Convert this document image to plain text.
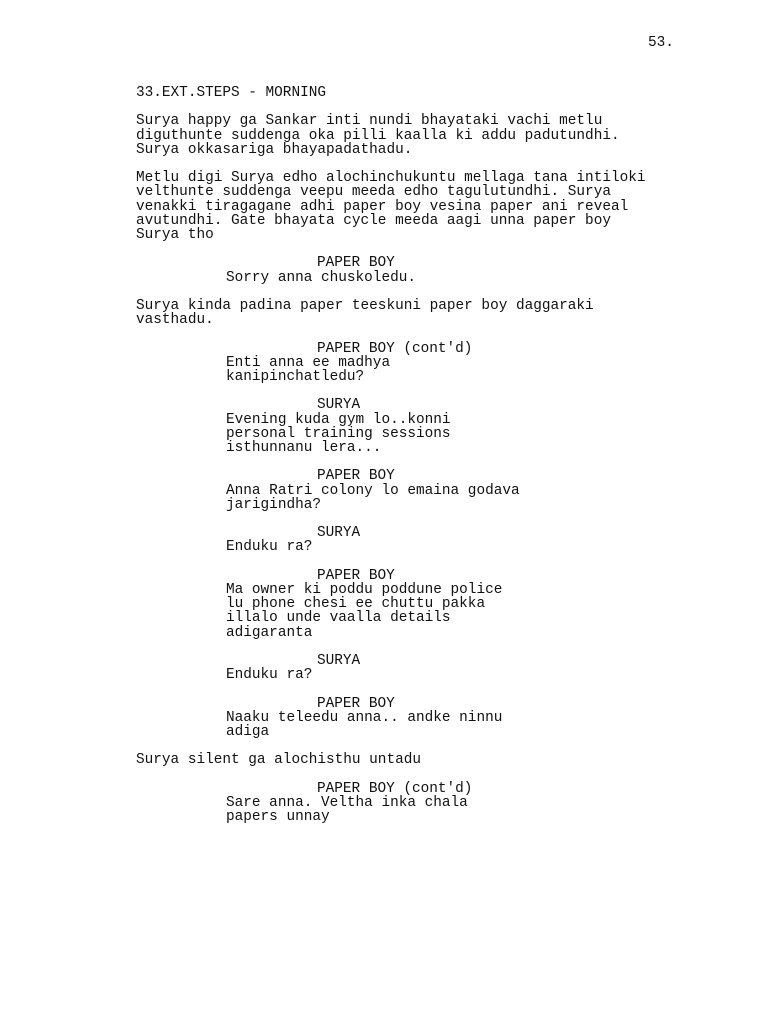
53.
33.EXT.STEPS - MORNING
Surya happy ga Sankar inti nundi bhayataki vachi metlu
diguthunte suddenga oka pilli kaalla ki addu padutundhi.
Surya okkasariga bhayapadathadu.
Metlu digi Surya edho alochinchukuntu mellaga tana intiloki
velthunte suddenga veepu meeda edho tagulutundhi. Surya
venakki tiragagane adhi paper boy vesina paper ani reveal
avutundhi. Gate bhayata cycle meeda aagi unna paper boy
Surya tho
PAPER BOY
Sorry anna chuskoledu.
Surya kinda padina paper teeskuni paper boy daggaraki
vasthadu.
PAPER BOY (cont'd)
Enti anna ee madhya
kanipinchatledu?
SURYA
Evening kuda gym lo..konni
personal training sessions
isthunnanu lera...
PAPER BOY
Anna Ratri colony lo emaina godava
jarigindha?
SURYA
Enduku ra?
PAPER BOY
Ma owner ki poddu poddune police
lu phone chesi ee chuttu pakka
illalo unde vaalla details
adigaranta
SURYA
Enduku ra?
PAPER BOY
Naaku teleedu anna.. andke ninnu
adiga
Surya silent ga alochisthu untadu
PAPER BOY (cont'd)
Sare anna. Veltha inka chala
papers unnay
